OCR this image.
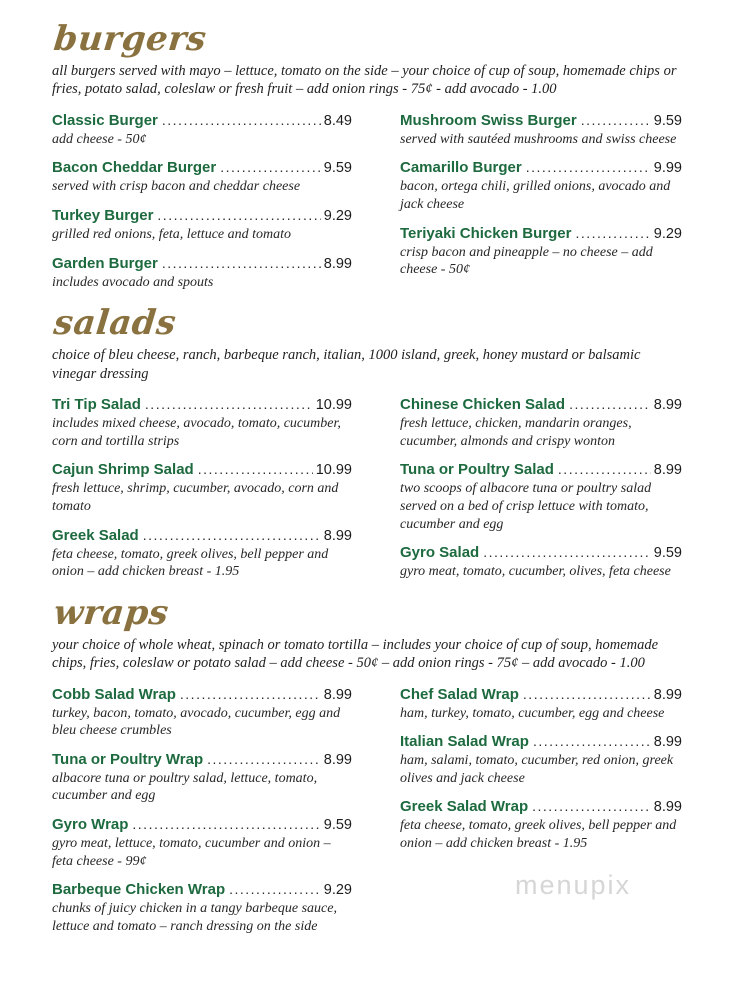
burgers

all burgers served with mayo – lettuce, tomato on the side – your choice of cup of soup, homemade chips or fries, potato salad, coleslaw or fresh fruit – add onion rings - 75¢ - add avocado - 1.00

Classic Burger .....	8.49
add cheese - 50¢
Bacon Cheddar Burger .....	9.59
served with crisp bacon and cheddar cheese
Turkey Burger .....	9.29
grilled red onions, feta, lettuce and tomato
Garden Burger .....	8.99
includes avocado and spouts
Mushroom Swiss Burger .....	9.59
served with sautéed mushrooms and swiss cheese
Camarillo Burger .....	9.99
bacon, ortega chili, grilled onions, avocado and jack cheese
Teriyaki Chicken Burger .....	9.29
crisp bacon and pineapple – no cheese – add cheese - 50¢
salads

choice of bleu cheese, ranch, barbeque ranch, italian, 1000 island, greek, honey mustard or balsamic vinegar dressing

Tri Tip Salad .....	10.99
includes mixed cheese, avocado, tomato, cucumber, corn and tortilla strips
Cajun Shrimp Salad .....	10.99
fresh lettuce, shrimp, cucumber, avocado, corn and tomato
Greek Salad .....	8.99
feta cheese, tomato, greek olives, bell pepper and onion – add chicken breast - 1.95
Chinese Chicken Salad .....	8.99
fresh lettuce, chicken, mandarin oranges, cucumber, almonds and crispy wonton
Tuna or Poultry Salad .....	8.99
two scoops of albacore tuna or poultry salad served on a bed of crisp lettuce with tomato, cucumber and egg
Gyro Salad .....	9.59
gyro meat, tomato, cucumber, olives, feta cheese
wraps

your choice of whole wheat, spinach or tomato tortilla – includes your choice of cup of soup, homemade chips, fries, coleslaw or potato salad – add cheese - 50¢ – add onion rings - 75¢ – add avocado - 1.00

Cobb Salad Wrap .....	8.99
turkey, bacon, tomato, avocado, cucumber, egg and bleu cheese crumbles
Tuna or Poultry Wrap .....	8.99
albacore tuna or poultry salad, lettuce, tomato, cucumber and egg
Gyro Wrap .....	9.59
gyro meat, lettuce, tomato, cucumber and onion – feta cheese - 99¢
Barbeque Chicken Wrap .....	9.29
chunks of juicy chicken in a tangy barbeque sauce, lettuce and tomato – ranch dressing on the side
Chef Salad Wrap .....	8.99
ham, turkey, tomato, cucumber, egg and cheese
Italian Salad Wrap .....	8.99
ham, salami, tomato, cucumber, red onion, greek olives and jack cheese
Greek Salad Wrap .....	8.99
feta cheese, tomato, greek olives, bell pepper and onion – add chicken breast - 1.95
menupix
